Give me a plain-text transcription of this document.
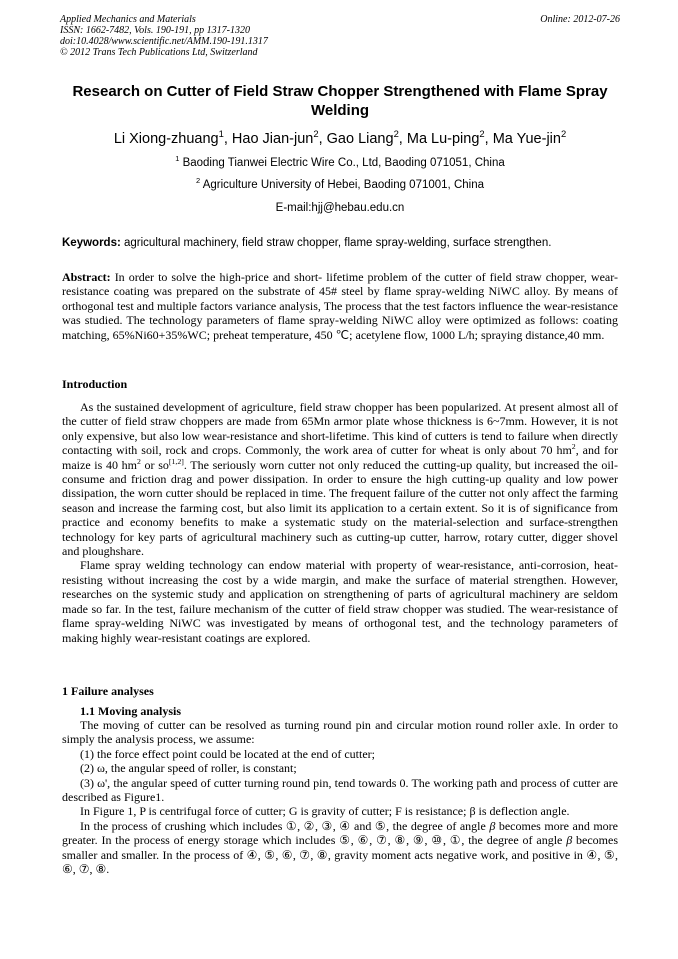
Applied Mechanics and Materials	Online: 2012-07-26
ISSN: 1662-7482, Vols. 190-191, pp 1317-1320
doi:10.4028/www.scientific.net/AMM.190-191.1317
© 2012 Trans Tech Publications Ltd, Switzerland
Research on Cutter of Field Straw Chopper Strengthened with Flame Spray Welding
Li Xiong-zhuang$^1$, Hao Jian-jun$^2$, Gao Liang$^2$, Ma Lu-ping$^2$, Ma Yue-jin$^2$
$^1$ Baoding Tianwei Electric Wire Co., Ltd, Baoding 071051, China
$^2$ Agriculture University of Hebei, Baoding 071001, China
E-mail:hjj@hebau.edu.cn
Keywords: agricultural machinery, field straw chopper, flame spray-welding, surface strengthen.
Abstract: In order to solve the high-price and short- lifetime problem of the cutter of field straw chopper, wear-resistance coating was prepared on the substrate of 45# steel by flame spray-welding NiWC alloy. By means of orthogonal test and multiple factors variance analysis, The process that the test factors influence the wear-resistance was studied. The technology parameters of flame spray-welding NiWC alloy were optimized as follows: coating matching, 65%Ni60+35%WC; preheat temperature, 450 ℃; acetylene flow, 1000 L/h; spraying distance,40 mm.
Introduction

As the sustained development of agriculture, field straw chopper has been popularized. At present almost all of the cutter of field straw choppers are made from 65Mn armor plate whose thickness is 6~7mm. However, it is not only expensive, but also low wear-resistance and short-lifetime. This kind of cutters is tend to failure when directly contacting with soil, rock and crops. Commonly, the work area of cutter for wheat is only about 70 $hm^2$, and for maize is 40 $hm^2$ or so[1,2]. The seriously worn cutter not only reduced the cutting-up quality, but increased the oil-consume and friction drag and power dissipation. In order to ensure the high cutting-up quality and low power dissipation, the worn cutter should be replaced in time. The frequent failure of the cutter not only affect the farming season and increase the farming cost, but also limit its application to a certain extent. So it is of significance from practice and economy benefits to make a systematic study on the material-selection and surface-strengthen technology for key parts of agricultural machinery such as cutting-up cutter, harrow, rotary cutter, digger shovel and ploughshare.

Flame spray welding technology can endow material with property of wear-resistance, anti-corrosion, heat-resisting without increasing the cost by a wide margin, and make the surface of material strengthen. However, researches on the systemic study and application on strengthening of parts of agricultural machinery are seldom made so far. In the test, failure mechanism of the cutter of field straw chopper was studied. The wear-resistance of flame spray-welding NiWC was investigated by means of orthogonal test, and the technology parameters of making highly wear-resistant coatings are explored.

1 Failure analyses
1.1 Moving analysis

The moving of cutter can be resolved as turning round pin and circular motion round roller axle. In order to simply the analysis process, we assume:

(1) the force effect point could be located at the end of cutter;

(2) ω, the angular speed of roller, is constant;

(3) ω', the angular speed of cutter turning round pin, tend towards 0. The working path and process of cutter are described as Figure1.

In Figure 1, P is centrifugal force of cutter; G is gravity of cutter; F is resistance; β is deflection angle.

In the process of crushing which includes ①, ②, ③, ④ and ⑤, the degree of angle β becomes more and more greater. In the process of energy storage which includes ⑤, ⑥, ⑦, ⑧, ⑨, ⑩, ①, the degree of angle β becomes smaller and smaller. In the process of ④, ⑤, ⑥, ⑦, ⑧, gravity moment acts negative work, and positive in ④, ⑤, ⑥, ⑦, ⑧.
